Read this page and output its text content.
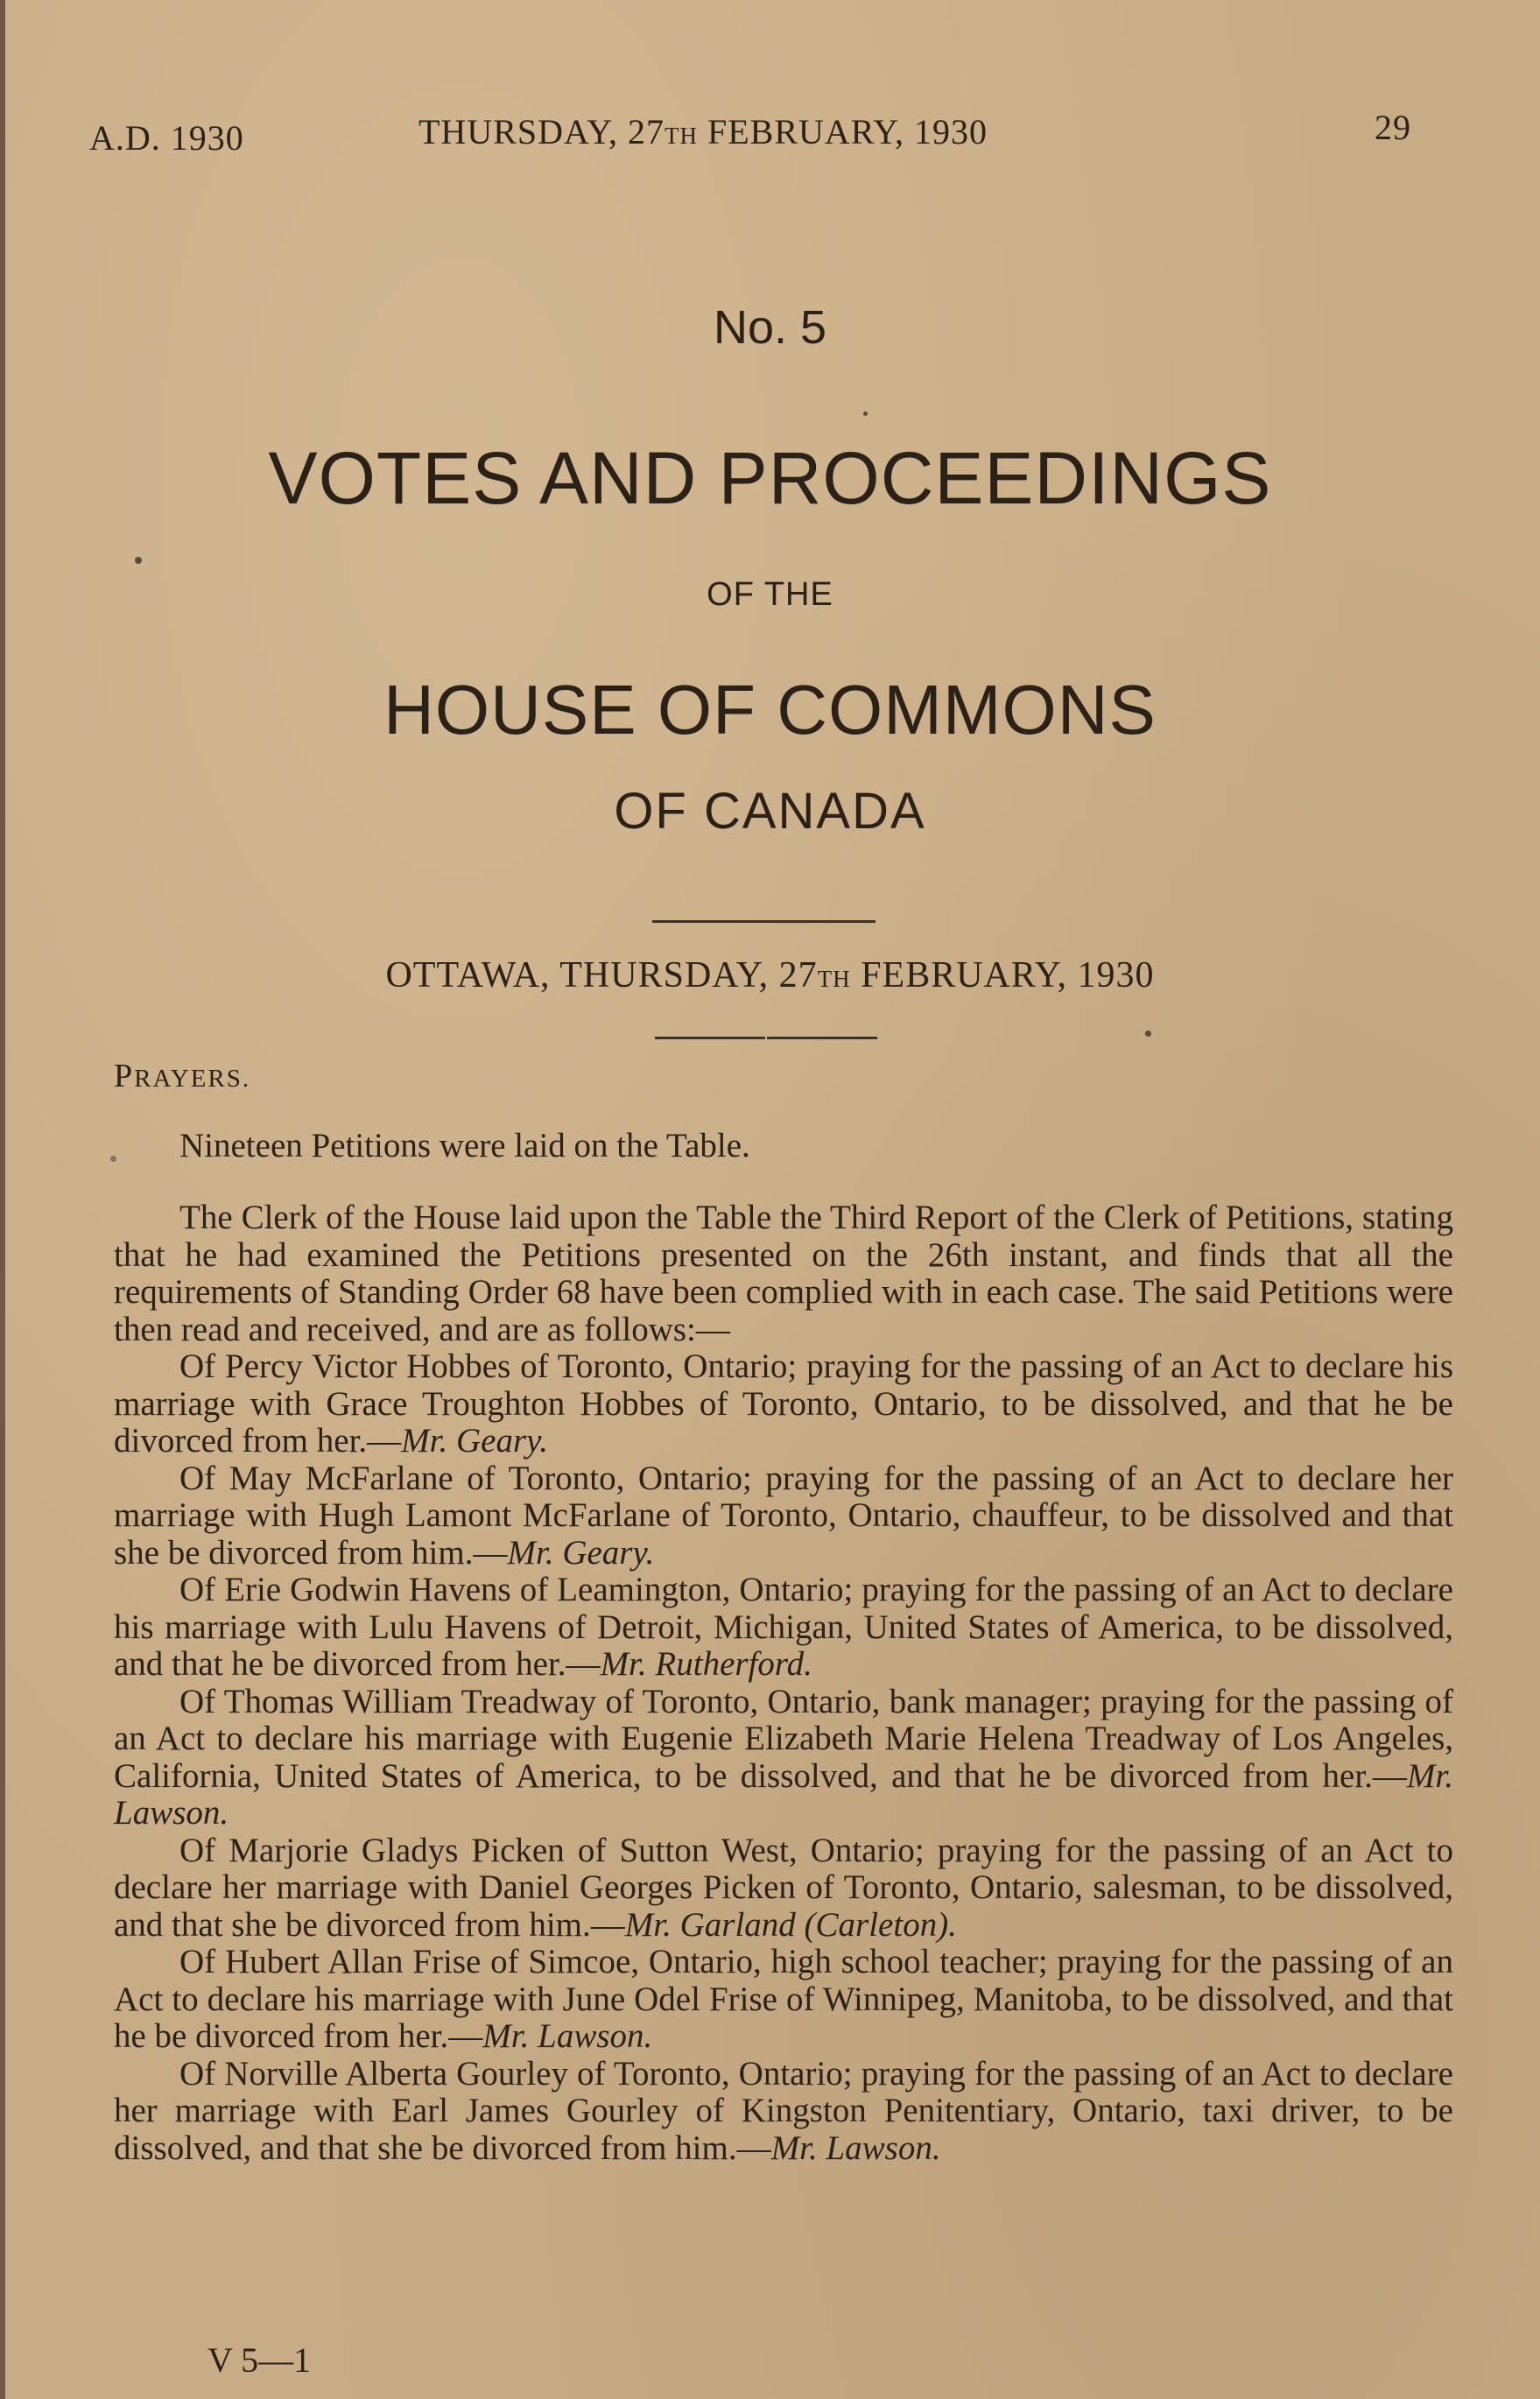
A.D. 1930	THURSDAY, 27TH FEBRUARY, 1930	29
No. 5
VOTES AND PROCEEDINGS
OF THE
HOUSE OF COMMONS
OF CANADA
OTTAWA, THURSDAY, 27TH FEBRUARY, 1930
PRAYERS.
Nineteen Petitions were laid on the Table.

The Clerk of the House laid upon the Table the Third Report of the Clerk of Petitions, stating that he had examined the Petitions presented on the 26th instant, and finds that all the requirements of Standing Order 68 have been complied with in each case. The said Petitions were then read and received, and are as follows:—

Of Percy Victor Hobbes of Toronto, Ontario; praying for the passing of an Act to declare his marriage with Grace Troughton Hobbes of Toronto, Ontario, to be dissolved, and that he be divorced from her.—Mr. Geary.

Of May McFarlane of Toronto, Ontario; praying for the passing of an Act to declare her marriage with Hugh Lamont McFarlane of Toronto, Ontario, chauffeur, to be dissolved and that she be divorced from him.—Mr. Geary.

Of Erie Godwin Havens of Leamington, Ontario; praying for the passing of an Act to declare his marriage with Lulu Havens of Detroit, Michigan, United States of America, to be dissolved, and that he be divorced from her.—Mr. Rutherford.

Of Thomas William Treadway of Toronto, Ontario, bank manager; praying for the passing of an Act to declare his marriage with Eugenie Elizabeth Marie Helena Treadway of Los Angeles, California, United States of America, to be dissolved, and that he be divorced from her.—Mr. Lawson.

Of Marjorie Gladys Picken of Sutton West, Ontario; praying for the passing of an Act to declare her marriage with Daniel Georges Picken of Toronto, Ontario, salesman, to be dissolved, and that she be divorced from him.—Mr. Garland (Carleton).

Of Hubert Allan Frise of Simcoe, Ontario, high school teacher; praying for the passing of an Act to declare his marriage with June Odel Frise of Winnipeg, Manitoba, to be dissolved, and that he be divorced from her.—Mr. Lawson.

Of Norville Alberta Gourley of Toronto, Ontario; praying for the passing of an Act to declare her marriage with Earl James Gourley of Kingston Penitentiary, Ontario, taxi driver, to be dissolved, and that she be divorced from him.—Mr. Lawson.

V 5—1
